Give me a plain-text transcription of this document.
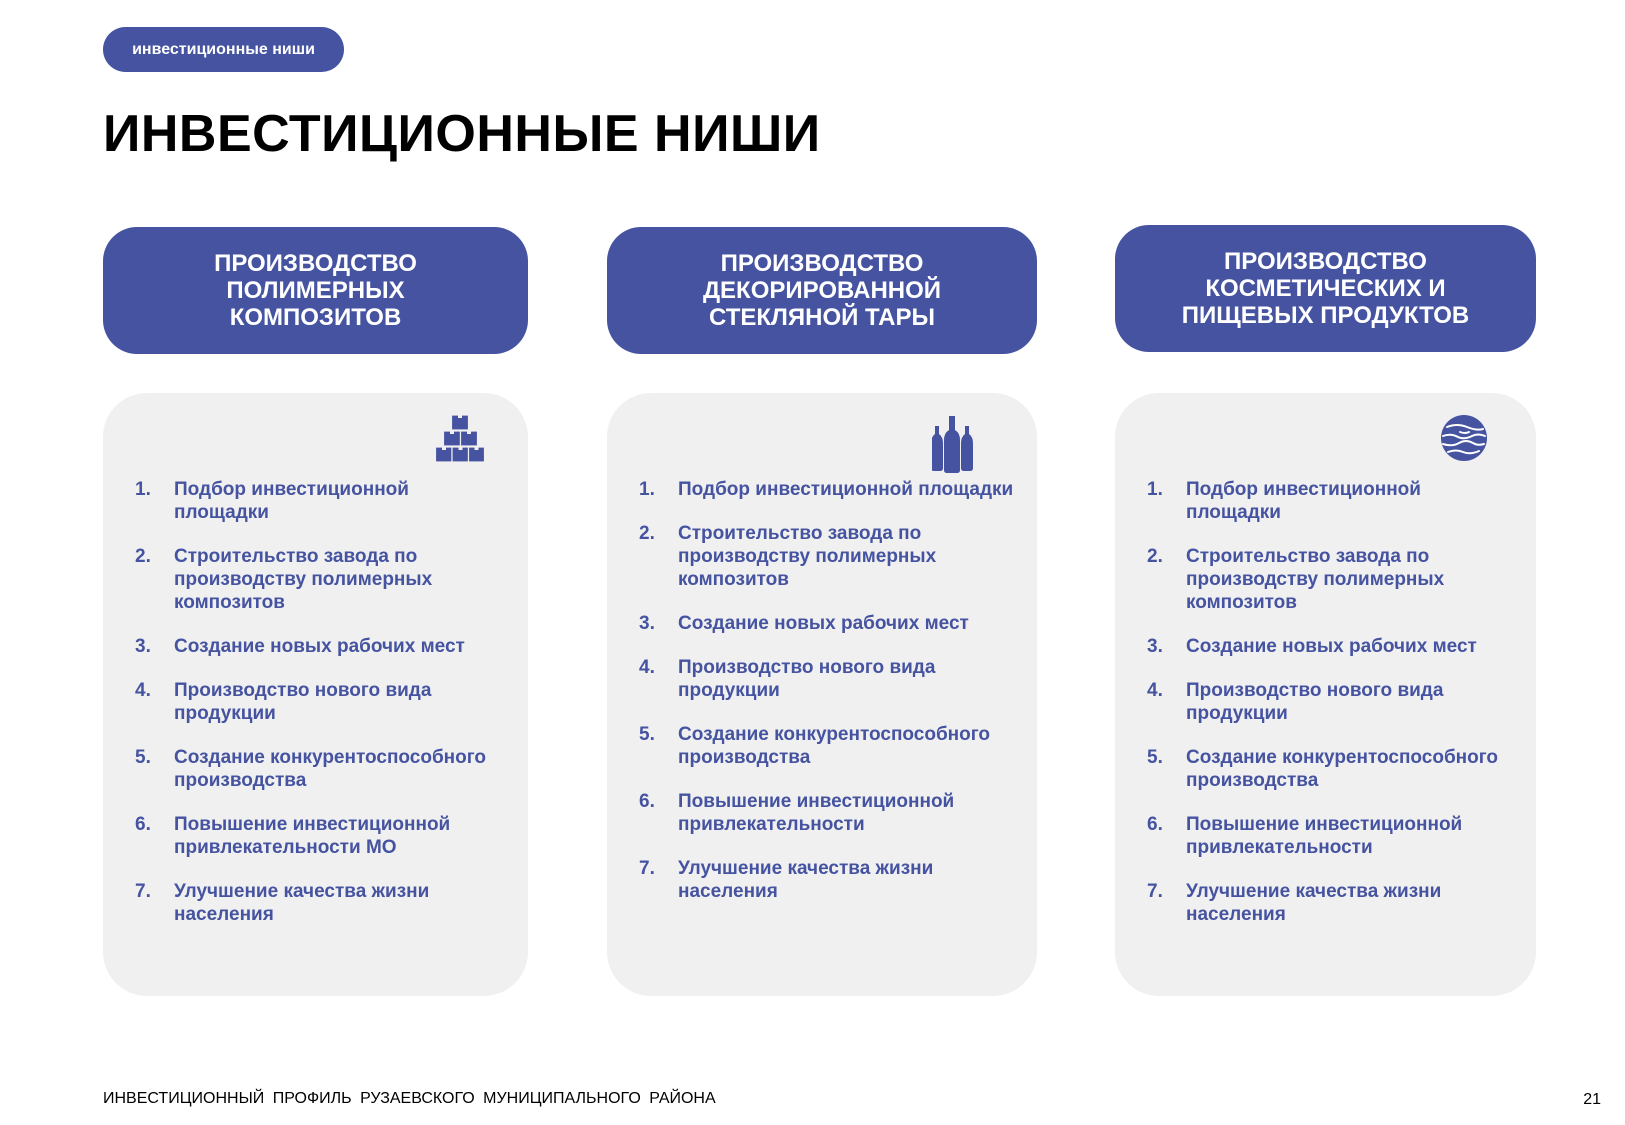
инвестиционные ниши
ИНВЕСТИЦИОННЫЕ НИШИ
ПРОИЗВОДСТВО
ПОЛИМЕРНЫХ
КОМПОЗИТОВ
1.	Подбор инвестиционной площадки
2.	Строительство завода по производству полимерных композитов
3.	Создание новых рабочих мест
4.	Производство нового вида продукции
5.	Создание конкурентоспособного производства
6.	Повышение инвестиционной привлекательности МО
7.	Улучшение качества жизни населения
ПРОИЗВОДСТВО
ДЕКОРИРОВАННОЙ
СТЕКЛЯНОЙ ТАРЫ
1.	Подбор инвестиционной площадки
2.	Строительство завода по производству полимерных композитов
3.	Создание новых рабочих мест
4.	Производство нового вида продукции
5.	Создание конкурентоспособного производства
6.	Повышение инвестиционной привлекательности
7.	Улучшение качества жизни населения
ПРОИЗВОДСТВО
КОСМЕТИЧЕСКИХ И
ПИЩЕВЫХ ПРОДУКТОВ
1.	Подбор инвестиционной площадки
2.	Строительство завода по производству полимерных композитов
3.	Создание новых рабочих мест
4.	Производство нового вида продукции
5.	Создание конкурентоспособного производства
6.	Повышение инвестиционной привлекательности
7.	Улучшение качества жизни населения
ИНВЕСТИЦИОННЫЙ ПРОФИЛЬ РУЗАЕВСКОГО МУНИЦИПАЛЬНОГО РАЙОНА	21
